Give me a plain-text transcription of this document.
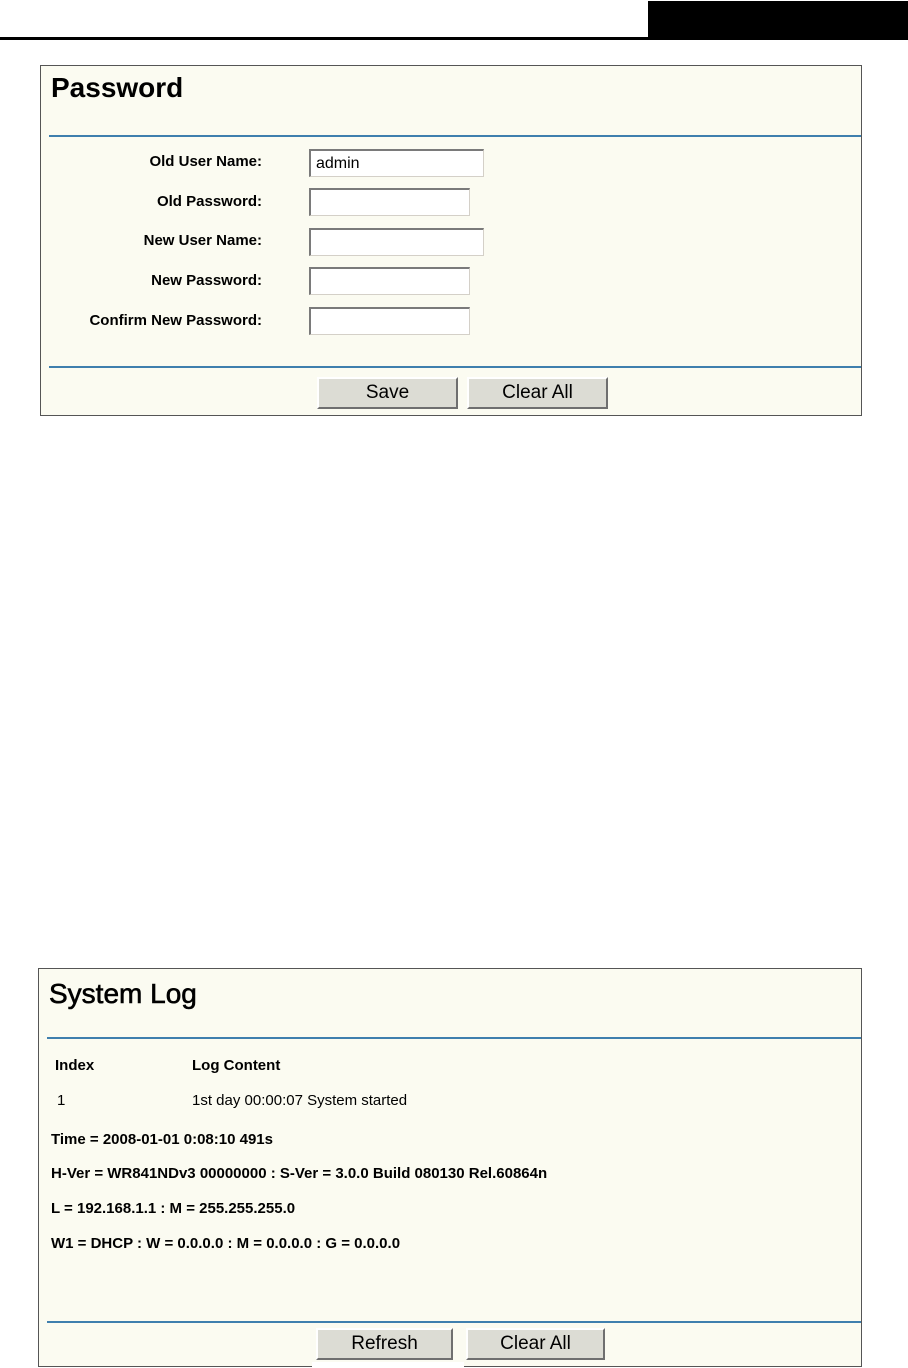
Password
Old User Name:
admin
Old Password:
New User Name:
New Password:
Confirm New Password:
Save	Clear All
System Log
Index	Log Content
1	1st day 00:00:07 System started
Time = 2008-01-01 0:08:10 491s
H-Ver = WR841NDv3 00000000 : S-Ver = 3.0.0 Build 080130 Rel.60864n
L = 192.168.1.1 : M = 255.255.255.0
W1 = DHCP : W = 0.0.0.0 : M = 0.0.0.0 : G = 0.0.0.0
Refresh	Clear All
